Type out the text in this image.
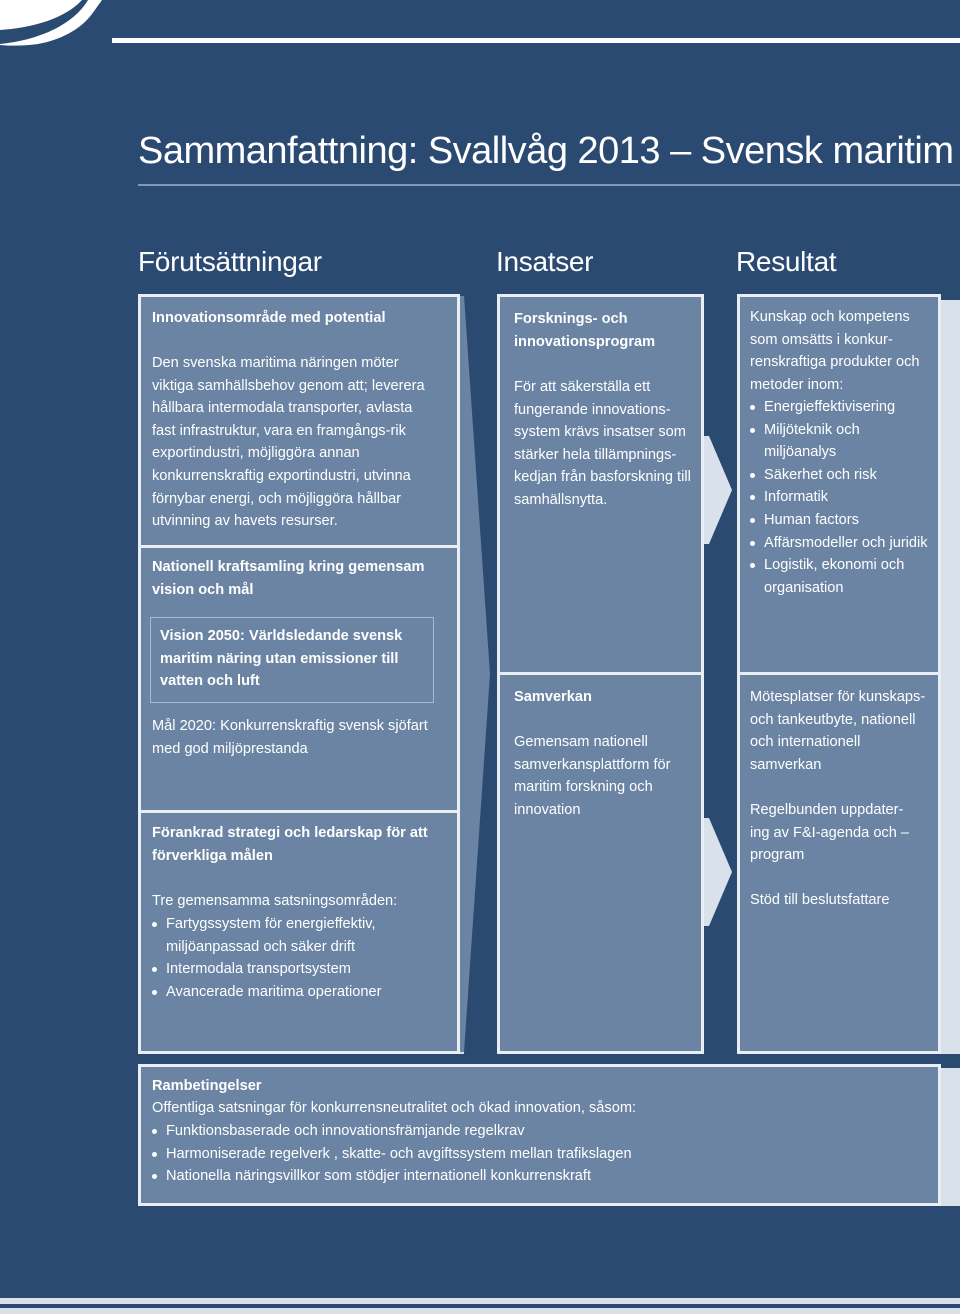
Sammanfattning: Svallvåg 2013 – Svensk maritim
Förutsättningar	Insatser	Resultat
Innovationsområde med potential
Den svenska maritima näringen möter viktiga samhällsbehov genom att; leverera hållbara intermodala transporter, avlasta fast infrastruktur, vara en framgångs-rik exportindustri, möjliggöra annan konkurrenskraftig exportindustri, utvinna förnybar energi, och möjliggöra hållbar utvinning av havets resurser.
Nationell kraftsamling kring gemensam vision och mål
Vision 2050: Världsledande svensk maritim näring utan emissioner till vatten och luft
Mål 2020: Konkurrenskraftig svensk sjöfart med god miljöprestanda
Förankrad strategi och ledarskap för att förverkliga målen
Tre gemensamma satsningsområden:
Fartygssystem för energieffektiv, miljöanpassad och säker drift
Intermodala transportsystem
Avancerade maritima operationer
Forsknings- och innovationsprogram
För att säkerställa ett fungerande innovations-system krävs insatser som stärker hela tillämpnings-kedjan från basforskning till samhällsnytta.
Samverkan
Gemensam nationell samverkansplattform för maritim forskning och innovation
Kunskap och kompetens som omsätts i konkur-renskraftiga produkter och metoder inom:
Energieffektivisering
Miljöteknik och miljöanalys
Säkerhet och risk
Informatik
Human factors
Affärsmodeller och juridik
Logistik, ekonomi och organisation
Mötesplatser för kunskaps- och tankeutbyte, nationell och internationell samverkan
Regelbunden uppdater-ing av F&I-agenda och –program
Stöd till beslutsfattare
Rambetingelser
Offentliga satsningar för konkurrensneutralitet och ökad innovation, såsom:
Funktionsbaserade och innovationsfrämjande regelkrav
Harmoniserade regelverk , skatte- och avgiftssystem mellan trafikslagen
Nationella näringsvillkor som stödjer internationell konkurrenskraft
